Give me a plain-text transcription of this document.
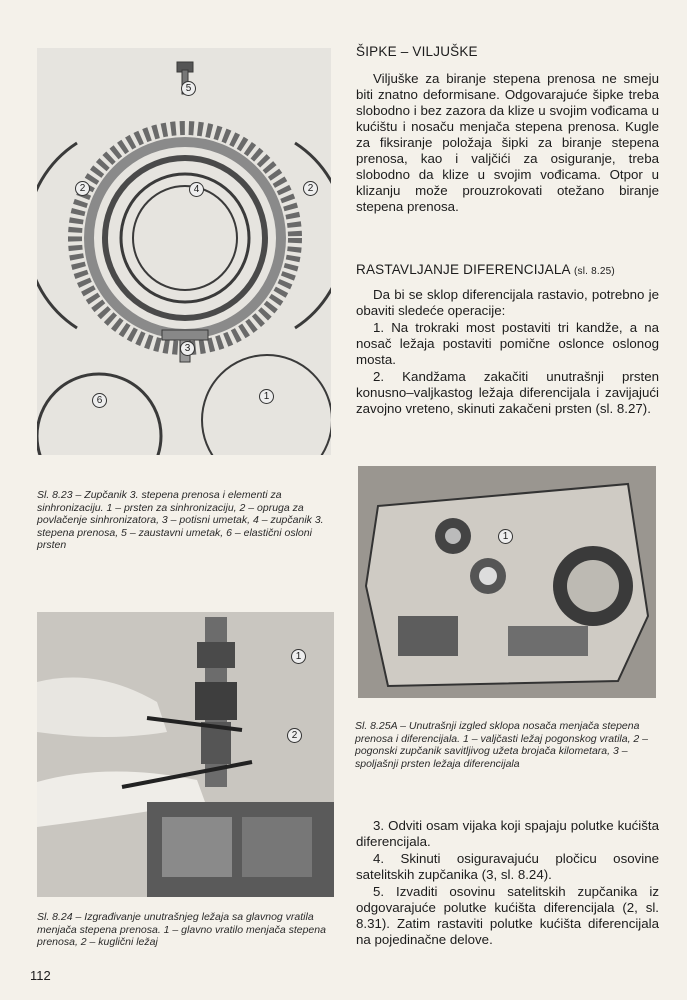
5
2	4	2
3
6	1

Sl. 8.23 – Zupčanik 3. stepena prenosa i elementi za sinhronizaciju. 1 – prsten za sinhronizaciju, 2 – opruga za povlačenje sinhronizatora, 3 – potisni umetak, 4 – zupčanik 3. stepena prenosa, 5 – zaustavni umetak, 6 – elastični osloni prsten

1
2

Sl. 8.24 – Izgrađivanje unutrašnjeg ležaja sa glavnog vratila menjača stepena prenosa. 1 – glavno vratilo menjača stepena prenosa, 2 – kuglični ležaj

1

Sl. 8.25A – Unutrašnji izgled sklopa nosača menjača stepena prenosa i diferencijala. 1 – valjčasti ležaj pogonskog vratila, 2 – pogonski zupčanik savitljivog užeta brojača kilometara, 3 – spoljašnji prsten ležaja diferencijala

ŠIPKE – VILJUŠKE

Viljuške za biranje stepena prenosa ne smeju biti znatno deformisane. Odgovarajuće šipke treba slobodno i bez zazora da klize u svojim vođicama u kućištu i nosaču menjača stepena prenosa. Kugle za fiksiranje položaja šipki za biranje stepena prenosa, kao i valjčići za osiguranje, treba slobodno da klize u svojim vođicama. Otpor u klizanju može prouzrokovati otežano biranje stepena prenosa.

RASTAVLJANJE DIFERENCIJALA (sl. 8.25)

Da bi se sklop diferencijala rastavio, potrebno je obaviti sledeće operacije:

1. Na trokraki most postaviti tri kandže, a na nosač ležaja postaviti pomične oslonce oslonog mosta.

2. Kandžama zakačiti unutrašnji prsten konusno–valjkastog ležaja diferencijala i zavijajući zavojno vreteno, skinuti zakačeni prsten (sl. 8.27).

3. Odviti osam vijaka koji spajaju polutke kućišta diferencijala.

4. Skinuti osiguravajuću pločicu osovine satelitskih zupčanika (3, sl. 8.24).

5. Izvaditi osovinu satelitskih zupčanika iz odgovarajuće polutke kućišta diferencijala (2, sl. 8.31). Zatim rastaviti polutke kućišta diferencijala na pojedinačne delove.

112
